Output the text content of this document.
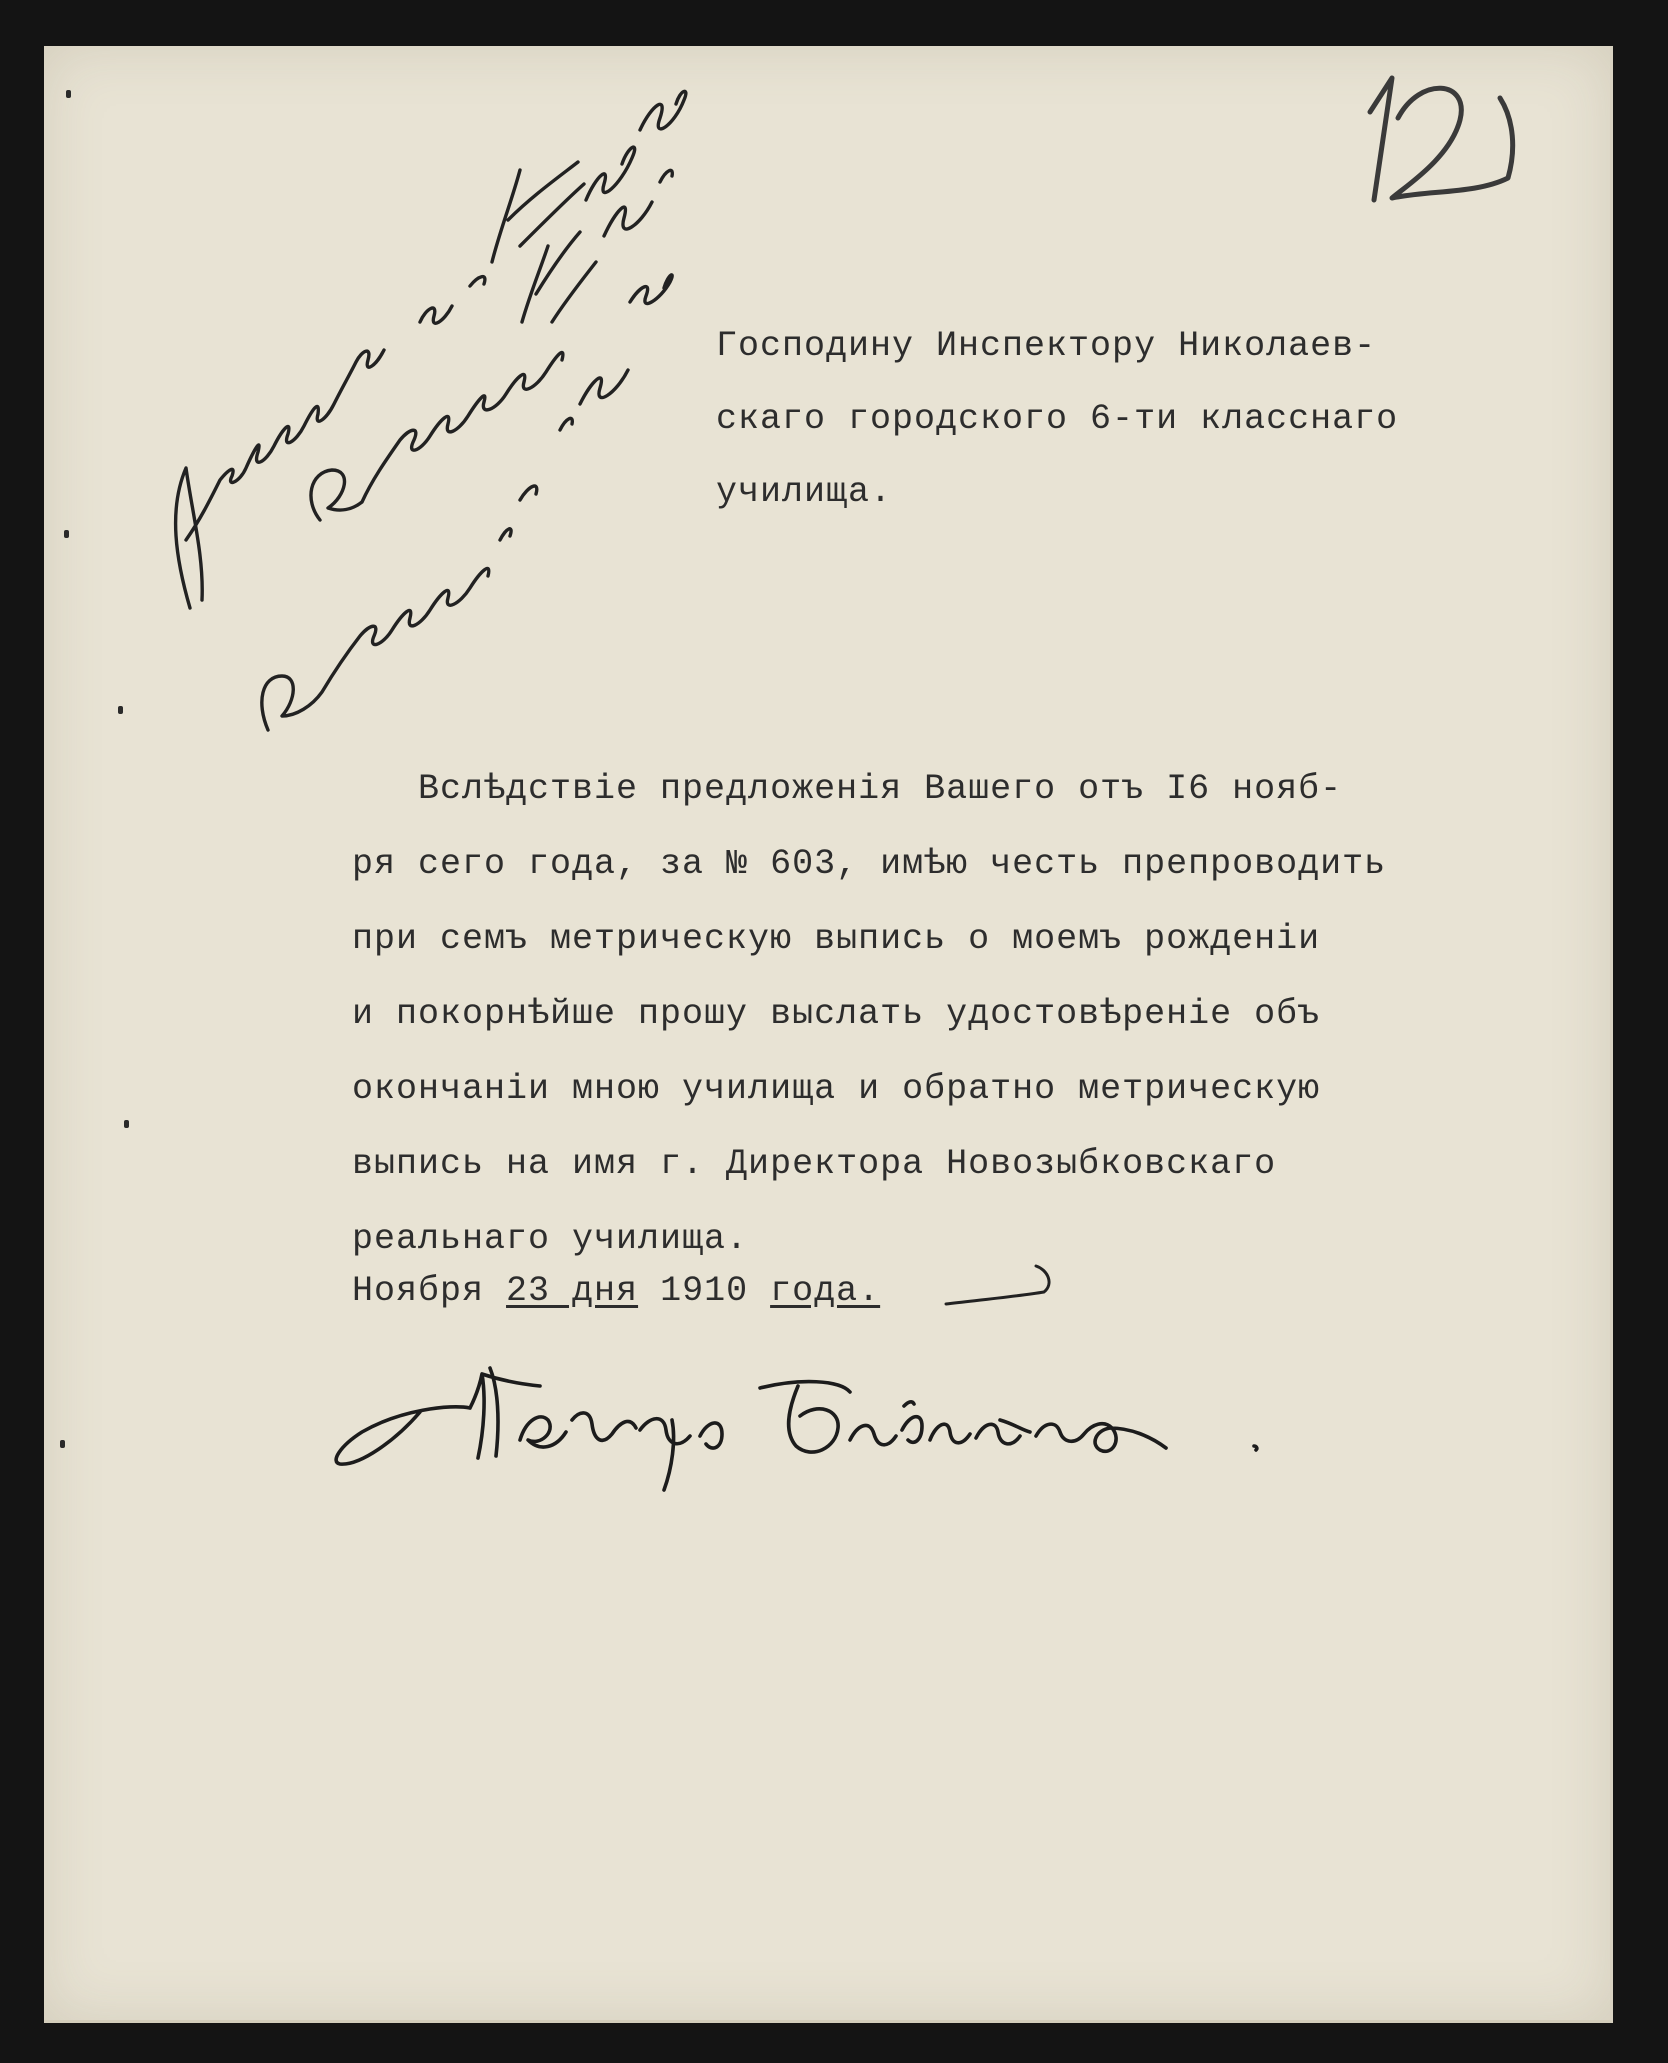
Господину Инспектору Николаев-

скаго городского 6-ти класснаго

училища.

Вслѣдствіе предложенія Вашего отъ I6 нояб-

ря сего года, за № 603, имѣю честь препроводить

при семъ метрическую выпись о моемъ рожденіи

и покорнѣйше прошу выслать удостовѣреніе объ

окончаніи мною училища и обратно метрическую

выпись на имя г. Директора Новозыбковскаго

реальнаго училища.

Ноября 23 дня 1910 года.
